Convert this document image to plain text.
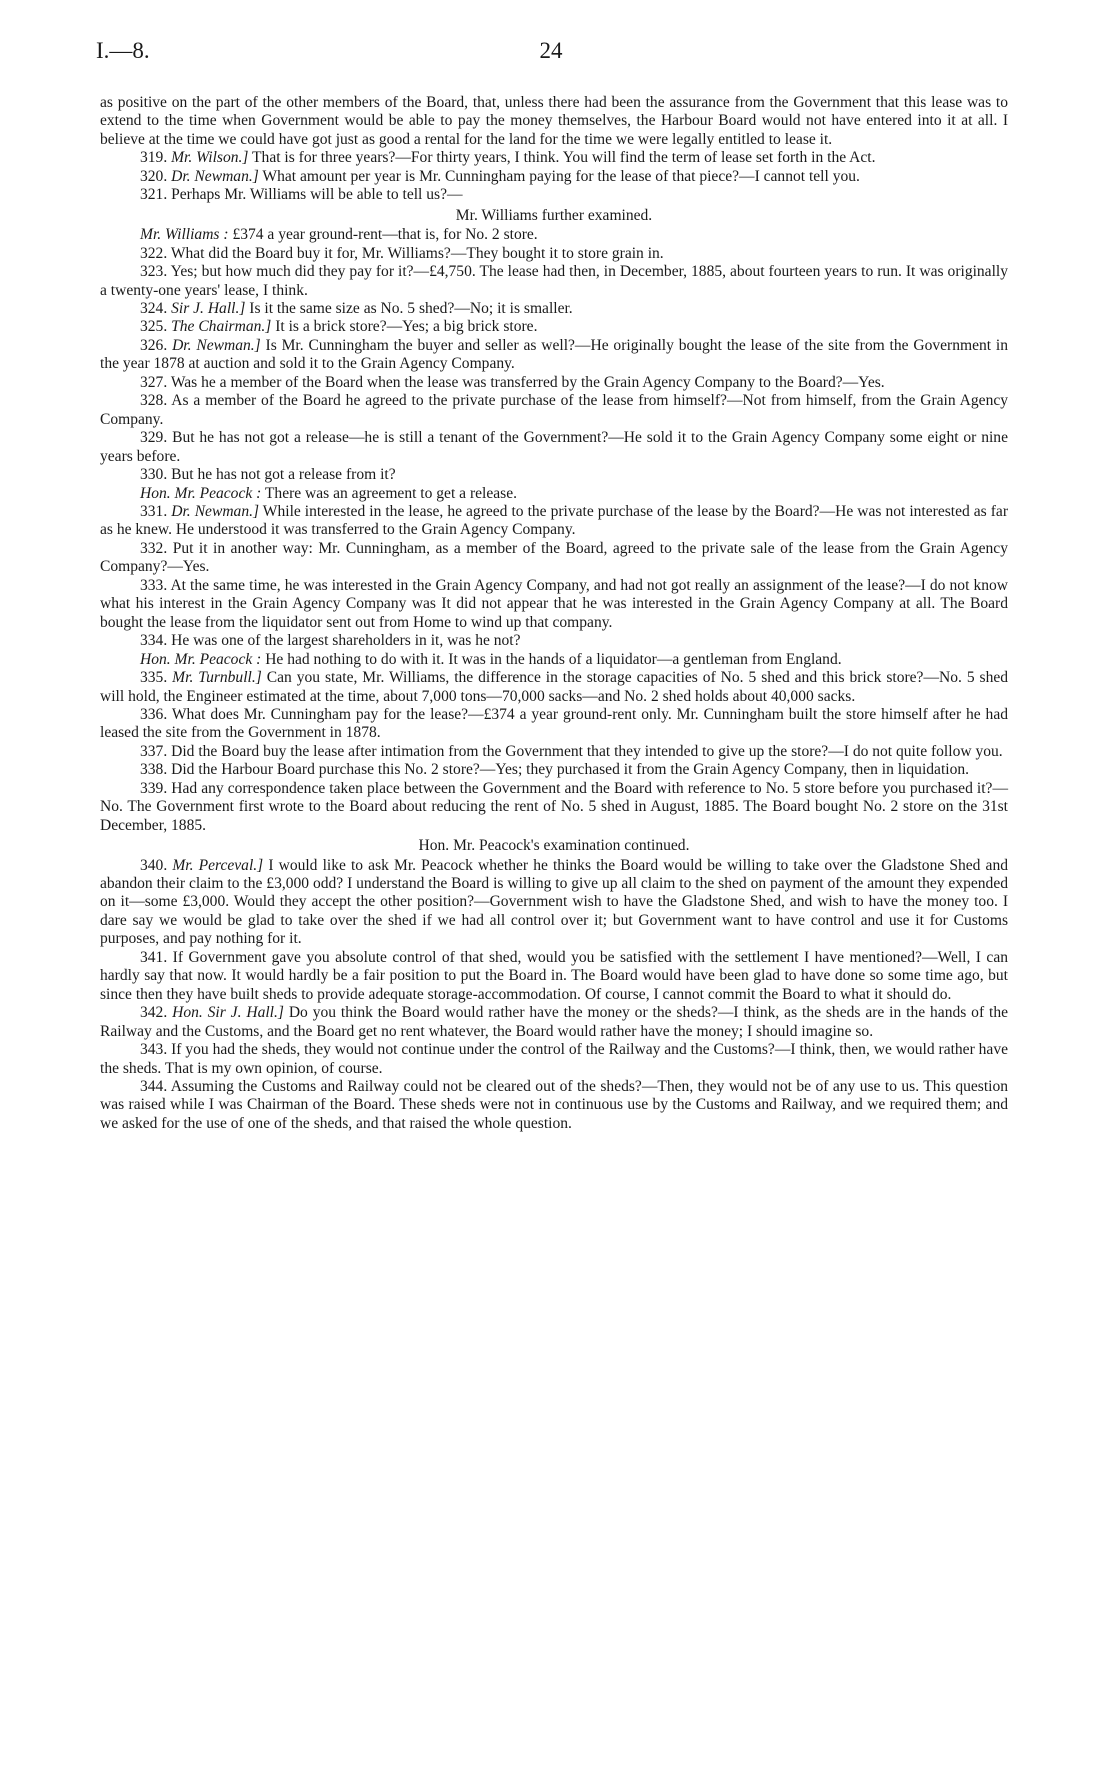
I.—8.	24

as positive on the part of the other members of the Board, that, unless there had been the assurance from the Government that this lease was to extend to the time when Government would be able to pay the money themselves, the Harbour Board would not have entered into it at all. I believe at the time we could have got just as good a rental for the land for the time we were legally entitled to lease it.

319. Mr. Wilson.] That is for three years?—For thirty years, I think. You will find the term of lease set forth in the Act.

320. Dr. Newman.] What amount per year is Mr. Cunningham paying for the lease of that piece?—I cannot tell you.

321. Perhaps Mr. Williams will be able to tell us?—

Mr. Williams further examined.

Mr. Williams : £374 a year ground-rent—that is, for No. 2 store.

322. What did the Board buy it for, Mr. Williams?—They bought it to store grain in.

323. Yes; but how much did they pay for it?—£4,750. The lease had then, in December, 1885, about fourteen years to run. It was originally a twenty-one years' lease, I think.

324. Sir J. Hall.] Is it the same size as No. 5 shed?—No; it is smaller.

325. The Chairman.] It is a brick store?—Yes; a big brick store.

326. Dr. Newman.] Is Mr. Cunningham the buyer and seller as well?—He originally bought the lease of the site from the Government in the year 1878 at auction and sold it to the Grain Agency Company.

327. Was he a member of the Board when the lease was transferred by the Grain Agency Company to the Board?—Yes.

328. As a member of the Board he agreed to the private purchase of the lease from himself?—Not from himself, from the Grain Agency Company.

329. But he has not got a release—he is still a tenant of the Government?—He sold it to the Grain Agency Company some eight or nine years before.

330. But he has not got a release from it?

Hon. Mr. Peacock : There was an agreement to get a release.

331. Dr. Newman.] While interested in the lease, he agreed to the private purchase of the lease by the Board?—He was not interested as far as he knew. He understood it was transferred to the Grain Agency Company.

332. Put it in another way: Mr. Cunningham, as a member of the Board, agreed to the private sale of the lease from the Grain Agency Company?—Yes.

333. At the same time, he was interested in the Grain Agency Company, and had not got really an assignment of the lease?—I do not know what his interest in the Grain Agency Company was It did not appear that he was interested in the Grain Agency Company at all. The Board bought the lease from the liquidator sent out from Home to wind up that company.

334. He was one of the largest shareholders in it, was he not?

Hon. Mr. Peacock : He had nothing to do with it. It was in the hands of a liquidator—a gentleman from England.

335. Mr. Turnbull.] Can you state, Mr. Williams, the difference in the storage capacities of No. 5 shed and this brick store?—No. 5 shed will hold, the Engineer estimated at the time, about 7,000 tons—70,000 sacks—and No. 2 shed holds about 40,000 sacks.

336. What does Mr. Cunningham pay for the lease?—£374 a year ground-rent only. Mr. Cunningham built the store himself after he had leased the site from the Government in 1878.

337. Did the Board buy the lease after intimation from the Government that they intended to give up the store?—I do not quite follow you.

338. Did the Harbour Board purchase this No. 2 store?—Yes; they purchased it from the Grain Agency Company, then in liquidation.

339. Had any correspondence taken place between the Government and the Board with reference to No. 5 store before you purchased it?—No. The Government first wrote to the Board about reducing the rent of No. 5 shed in August, 1885. The Board bought No. 2 store on the 31st December, 1885.

Hon. Mr. Peacock's examination continued.

340. Mr. Perceval.] I would like to ask Mr. Peacock whether he thinks the Board would be willing to take over the Gladstone Shed and abandon their claim to the £3,000 odd? I understand the Board is willing to give up all claim to the shed on payment of the amount they expended on it—some £3,000. Would they accept the other position?—Government wish to have the Gladstone Shed, and wish to have the money too. I dare say we would be glad to take over the shed if we had all control over it; but Government want to have control and use it for Customs purposes, and pay nothing for it.

341. If Government gave you absolute control of that shed, would you be satisfied with the settlement I have mentioned?—Well, I can hardly say that now. It would hardly be a fair position to put the Board in. The Board would have been glad to have done so some time ago, but since then they have built sheds to provide adequate storage-accommodation. Of course, I cannot commit the Board to what it should do.

342. Hon. Sir J. Hall.] Do you think the Board would rather have the money or the sheds?—I think, as the sheds are in the hands of the Railway and the Customs, and the Board get no rent whatever, the Board would rather have the money; I should imagine so.

343. If you had the sheds, they would not continue under the control of the Railway and the Customs?—I think, then, we would rather have the sheds. That is my own opinion, of course.

344. Assuming the Customs and Railway could not be cleared out of the sheds?—Then, they would not be of any use to us. This question was raised while I was Chairman of the Board. These sheds were not in continuous use by the Customs and Railway, and we required them; and we asked for the use of one of the sheds, and that raised the whole question.
